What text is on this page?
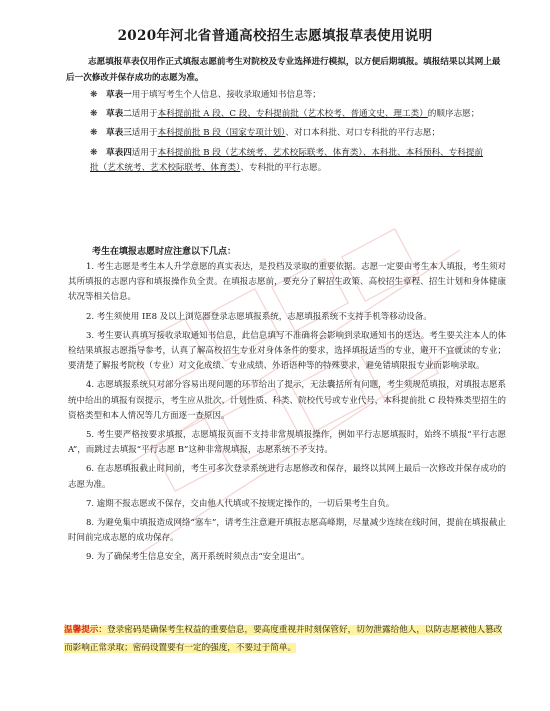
2020年河北省普通高校招生志愿填报草表使用说明
志愿填报草表仅用作正式填报志愿前考生对院校及专业选择进行模拟，以方便后期填报。填报结果以其网上最后一次修改并保存成功的志愿为准。
❋ 草表一用于填写考生个人信息、接收录取通知书信息等；
❋ 草表二适用于本科提前批 A 段、C 段、专科提前批（艺术校考、普通文史、理工类）的顺序志愿；
❋ 草表三适用于本科提前批 B 段（国家专项计划）、对口本科批、对口专科批的平行志愿；
❋ 草表四适用于本科提前批 B 段（艺术统考、艺术校际联考、体育类）、本科批、本科预科、专科提前批（艺术统考、艺术校际联考、体育类）、专科批的平行志愿。
考生在填报志愿时应注意以下几点：
1. 考生志愿是考生本人升学意愿的真实表达，是投档及录取的重要依据。志愿一定要由考生本人填报，考生须对其所填报的志愿内容和填报操作负全责。在填报志愿前，要充分了解招生政策、高校招生章程、招生计划和身体健康状况等相关信息。
2. 考生须使用 IE8 及以上浏览器登录志愿填报系统，志愿填报系统不支持手机等移动设备。
3. 考生要认真填写接收录取通知书信息，此信息填写不准确将会影响到录取通知书的送达。考生要关注本人的体检结果填报志愿指导参考，认真了解高校招生专业对身体条件的要求，选择填报适当的专业，避开不宜就读的专业；要清楚了解报考院校（专业）对文化成绩、专业成绩、外语语种等的特殊要求，避免错填限报专业而影响录取。
4. 志愿填报系统只对部分容易出现问题的环节给出了提示，无法囊括所有问题，考生须规范填报，对填报志愿系统中给出的填报有误提示，考生应从批次、计划性质、科类、院校代号或专业代号，本科提前批 C 段特殊类型招生的资格类型和本人情况等几方面逐一查原因。
5. 考生要严格按要求填报，志愿填报页面不支持非常规填报操作，例如平行志愿填报时，始终不填报“平行志愿 A”，而跳过去填报“平行志愿 B”这种非常规填报，志愿系统不予支持。
6. 在志愿填报截止时间前，考生可多次登录系统进行志愿修改和保存，最终以其网上最后一次修改并保存成功的志愿为准。
7. 逾期不报志愿或不保存，交由他人代填或不按规定操作的，一切后果考生自负。
8. 为避免集中填报造成网络“塞车”，请考生注意避开填报志愿高峰期，尽量减少连续在线时间，提前在填报截止时间前完成志愿的成功保存。
9. 为了确保考生信息安全，离开系统时须点击“安全退出”。
温馨提示：登录密码是确保考生权益的重要信息，要高度重视并时刻保管好，切勿泄露给他人，以防志愿被他人篡改而影响正常录取；密码设置要有一定的强度，不要过于简单。
